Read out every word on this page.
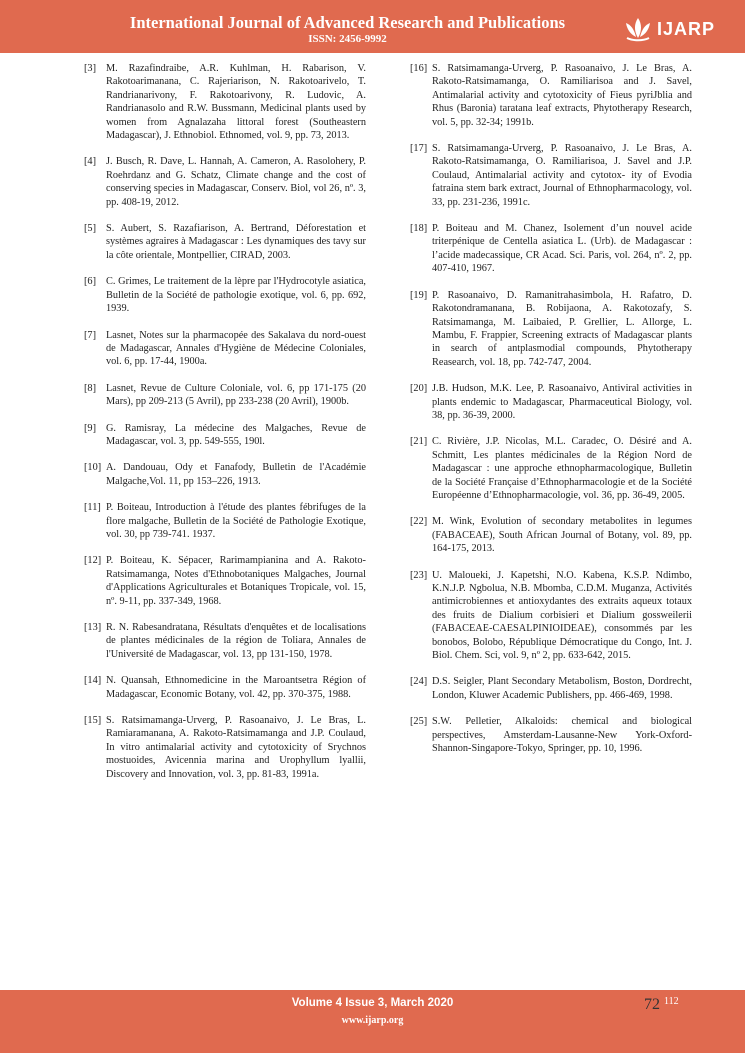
International Journal of Advanced Research and Publications
ISSN: 2456-9992
IJARP
[3] M. Razafindraibe, A.R. Kuhlman, H. Rabarison, V. Rakotoarimanana, C. Rajeriarison, N. Rakotoarivelo, T. Randrianarivony, F. Rakotoarivony, R. Ludovic, A. Randrianasolo and R.W. Bussmann, Medicinal plants used by women from Agnalazaha littoral forest (Southeastern Madagascar), J. Ethnobiol. Ethnomed, vol. 9, pp. 73, 2013.
[4] J. Busch, R. Dave, L. Hannah, A. Cameron, A. Rasolohery, P. Roehrdanz and G. Schatz, Climate change and the cost of conserving species in Madagascar, Conserv. Biol, vol 26, nº. 3, pp. 408-19, 2012.
[5] S. Aubert, S. Razafiarison, A. Bertrand, Déforestation et systèmes agraires à Madagascar : Les dynamiques des tavy sur la côte orientale, Montpellier, CIRAD, 2003.
[6] C. Grimes, Le traitement de la lèpre par l'Hydrocotyle asiatica, Bulletin de la Société de pathologie exotique, vol. 6, pp. 692, 1939.
[7] Lasnet, Notes sur la pharmacopée des Sakalava du nord-ouest de Madagascar, Annales d'Hygiène de Médecine Coloniales, vol. 6, pp. 17-44, 1900a.
[8] Lasnet, Revue de Culture Coloniale, vol. 6, pp 171-175 (20 Mars), pp 209-213 (5 Avril), pp 233-238 (20 Avril), 1900b.
[9] G. Ramisray, La médecine des Malgaches, Revue de Madagascar, vol. 3, pp. 549-555, 190l.
[10] A. Dandouau, Ody et Fanafody, Bulletin de l'Académie Malgache,Vol. 11, pp 153–226, 1913.
[11] P. Boiteau, Introduction à l'étude des plantes fébrifuges de la flore malgache, Bulletin de la Société de Pathologie Exotique, vol. 30, pp 739-741. 1937.
[12] P. Boiteau, K. Sépacer, Rarimampianina and A. Rakoto-Ratsimamanga, Notes d'Ethnobotaniques Malgaches, Journal d'Applications Agriculturales et Botaniques Tropicale, vol. 15, nº. 9-11, pp. 337-349, 1968.
[13] R. N. Rabesandratana, Résultats d'enquêtes et de localisations de plantes médicinales de la région de Toliara, Annales de l'Université de Madagascar, vol. 13, pp 131-150, 1978.
[14] N. Quansah, Ethnomedicine in the Maroantsetra Région of Madagascar, Economic Botany, vol. 42, pp. 370-375, 1988.
[15] S. Ratsimamanga-Urverg, P. Rasoanaivo, J. Le Bras, L. Ramiaramanana, A. Rakoto-Ratsimamanga and J.P. Coulaud, In vitro antimalarial activity and cytotoxicity of Srychnos mostuoides, Avicennia marina and Urophyllum lyallii, Discovery and Innovation, vol. 3, pp. 81-83, 1991a.
[16] S. Ratsimamanga-Urverg, P. Rasoanaivo, J. Le Bras, A. Rakoto-Ratsimamanga, O. Ramiliarisoa and J. Savel, Antimalarial activity and cytotoxicity of Fieus pyriJblia and Rhus (Baronia) taratana leaf extracts, Phytotherapy Research, vol. 5, pp. 32-34; 1991b.
[17] S. Ratsimamanga-Urverg, P. Rasoanaivo, J. Le Bras, A. Rakoto-Ratsimamanga, O. Ramiliarisoa, J. Savel and J.P. Coulaud, Antimalarial activity and cytotox- ity of Evodia fatraina stem bark extract, Journal of Ethnopharmacology, vol. 33, pp. 231-236, 1991c.
[18] P. Boiteau and M. Chanez, Isolement d’un nouvel acide triterpénique de Centella asiatica L. (Urb). de Madagascar : l’acide madecassique, CR Acad. Sci. Paris, vol. 264, nº. 2, pp. 407-410, 1967.
[19] P. Rasoanaivo, D. Ramanitrahasimbola, H. Rafatro, D. Rakotondramanana, B. Robijaona, A. Rakotozafy, S. Ratsimamanga, M. Laibaied, P. Grellier, L. Allorge, L. Mambu, F. Frappier, Screening extracts of Madagascar plants in search of antplasmodial compounds, Phytotherapy Reasearch, vol. 18, pp. 742-747, 2004.
[20] J.B. Hudson, M.K. Lee, P. Rasoanaivo, Antiviral activities in plants endemic to Madagascar, Pharmaceutical Biology, vol. 38, pp. 36-39, 2000.
[21] C. Rivière, J.P. Nicolas, M.L. Caradec, O. Désiré and A. Schmitt, Les plantes médicinales de la Région Nord de Madagascar : une approche ethnopharmacologique, Bulletin de la Société Française d’Ethnopharmacologie et de la Société Européenne d’Ethnopharmacologie, vol. 36, pp. 36-49, 2005.
[22] M. Wink, Evolution of secondary metabolites in legumes (FABACEAE), South African Journal of Botany, vol. 89, pp. 164-175, 2013.
[23] U. Maloueki, J. Kapetshi, N.O. Kabena, K.S.P. Ndimbo, K.N.J.P. Ngbolua, N.B. Mbomba, C.D.M. Muganza, Activités antimicrobiennes et antioxydantes des extraits aqueux totaux des fruits de Dialium corbisieri et Dialium gossweilerii (FABACEAE-CAESALPINIOIDEAE), consommés par les bonobos, Bolobo, République Démocratique du Congo, Int. J. Biol. Chem. Sci, vol. 9, nº 2, pp. 633-642, 2015.
[24] D.S. Seigler, Plant Secondary Metabolism, Boston, Dordrecht, London, Kluwer Academic Publishers, pp. 466-469, 1998.
[25] S.W. Pelletier, Alkaloids: chemical and biological perspectives, Amsterdam-Lausanne-New York-Oxford-Shannon-Singapore-Tokyo, Springer, pp. 10, 1996.
Volume 4 Issue 3, March 2020
www.ijarp.org
72 112
